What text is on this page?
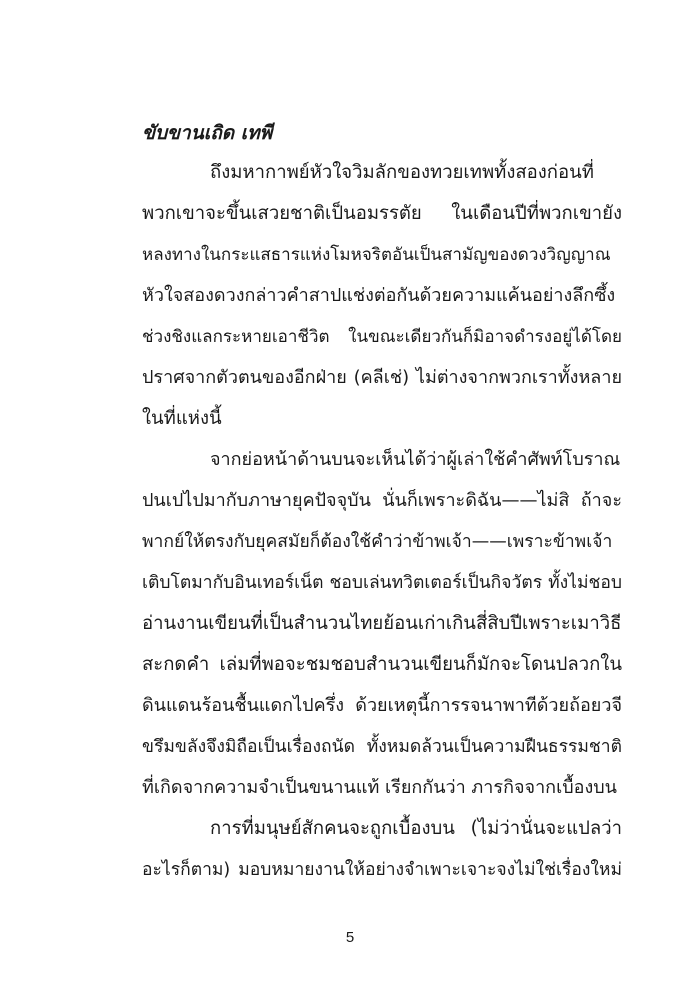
ขับขานเถิด เทพี
ถึงมหากาพย์หัวใจวิมลักของทวยเทพทั้งสองก่อนที่
พวกเขาจะขึ้นเสวยชาติเป็นอมรรตัย ในเดือนปีที่พวกเขายัง
หลงทางในกระแสธารแห่งโมหจริตอันเป็นสามัญของดวงวิญญาณ
หัวใจสองดวงกล่าวคำสาปแช่งต่อกันด้วยความแค้นอย่างลึกซึ้ง
ช่วงชิงแลกระหายเอาชีวิต ในขณะเดียวกันก็มิอาจดำรงอยู่ได้โดย
ปราศจากตัวตนของอีกฝ่าย (คลีเช่) ไม่ต่างจากพวกเราทั้งหลาย
ในที่แห่งนี้
จากย่อหน้าด้านบนจะเห็นได้ว่าผู้เล่าใช้คำศัพท์โบราณ
ปนเปไปมากับภาษายุคปัจจุบัน นั่นก็เพราะดิฉัน——ไม่สิ ถ้าจะ
พากย์ให้ตรงกับยุคสมัยก็ต้องใช้คำว่าข้าพเจ้า——เพราะข้าพเจ้า
เติบโตมากับอินเทอร์เน็ต ชอบเล่นทวิตเตอร์เป็นกิจวัตร ทั้งไม่ชอบ
อ่านงานเขียนที่เป็นสำนวนไทยย้อนเก่าเกินสี่สิบปีเพราะเมาวิธี
สะกดคำ เล่มที่พอจะชมชอบสำนวนเขียนก็มักจะโดนปลวกใน
ดินแดนร้อนชื้นแดกไปครึ่ง ด้วยเหตุนี้การรจนาพาทีด้วยถ้อยวจี
ขรึมขลังจึงมิถือเป็นเรื่องถนัด ทั้งหมดล้วนเป็นความฝืนธรรมชาติ
ที่เกิดจากความจำเป็นขนานแท้ เรียกกันว่า ภารกิจจากเบื้องบน
การที่มนุษย์สักคนจะถูกเบื้องบน (ไม่ว่านั่นจะแปลว่า
อะไรก็ตาม) มอบหมายงานให้อย่างจำเพาะเจาะจงไม่ใช่เรื่องใหม่
5
